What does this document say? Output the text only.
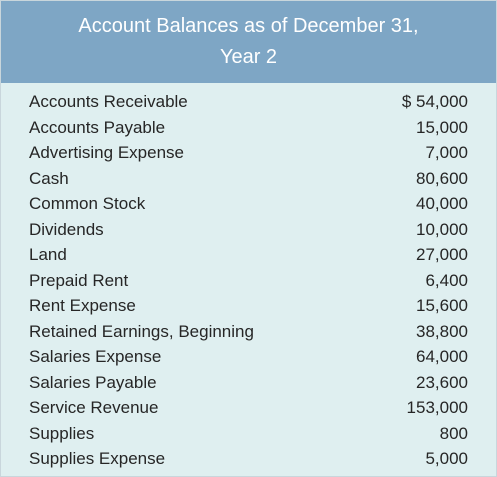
Account Balances as of December 31,
Year 2
Accounts Receivable	$ 54,000
Accounts Payable	15,000
Advertising Expense	7,000
Cash	80,600
Common Stock	40,000
Dividends	10,000
Land	27,000
Prepaid Rent	6,400
Rent Expense	15,600
Retained Earnings, Beginning	38,800
Salaries Expense	64,000
Salaries Payable	23,600
Service Revenue	153,000
Supplies	800
Supplies Expense	5,000
